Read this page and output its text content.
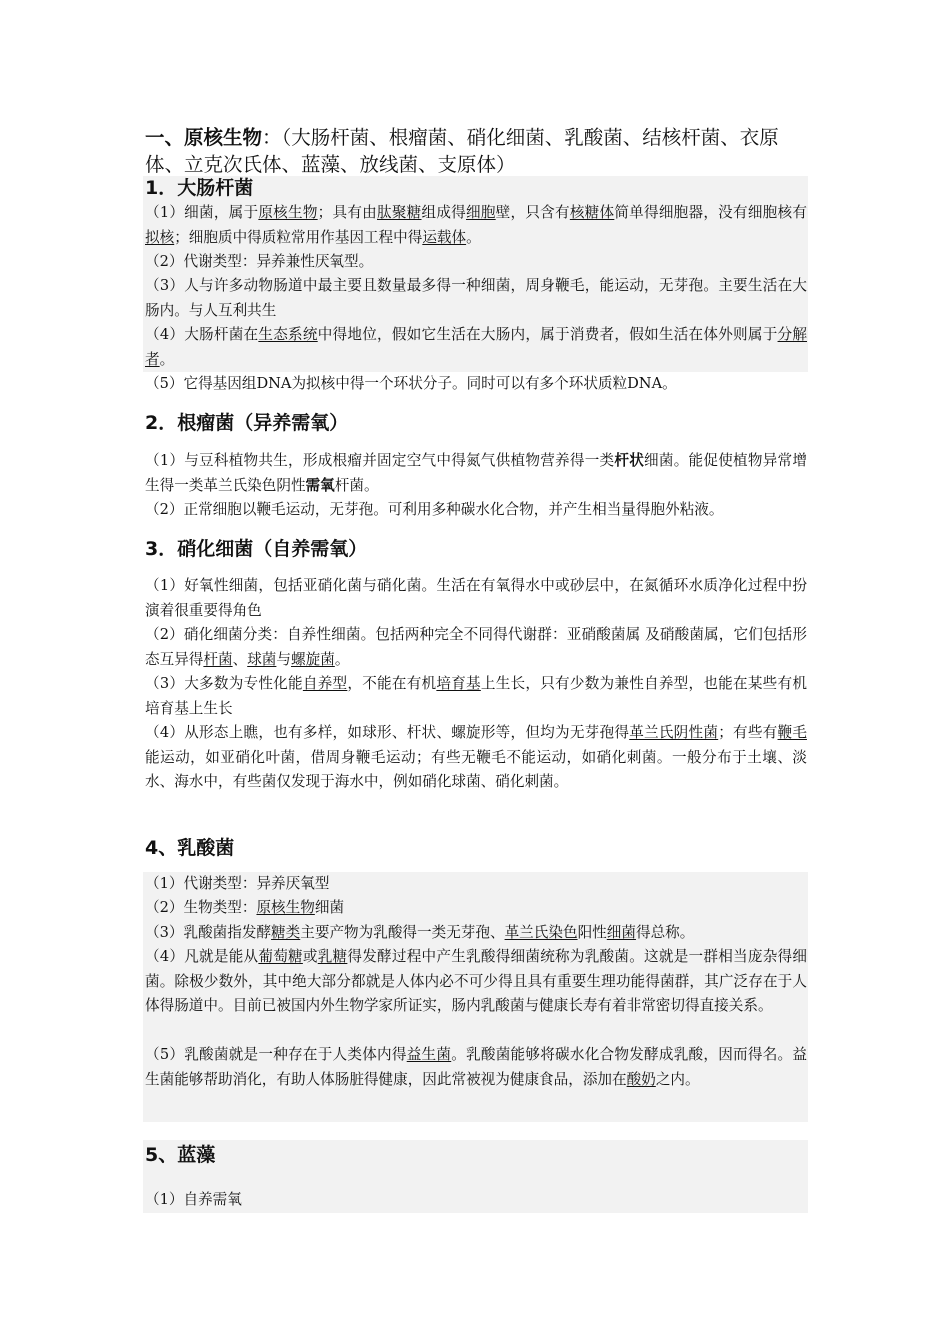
一、原核生物：（大肠杆菌、根瘤菌、硝化细菌、乳酸菌、结核杆菌、衣原体、立克次氏体、蓝藻、放线菌、支原体）
1．大肠杆菌
（1）细菌，属于原核生物；具有由肽聚糖组成得细胞壁，只含有核糖体简单得细胞器，没有细胞核有拟核；细胞质中得质粒常用作基因工程中得运载体。
（2）代谢类型：异养兼性厌氧型。
（3）人与许多动物肠道中最主要且数量最多得一种细菌，周身鞭毛，能运动，无芽孢。主要生活在大肠内。与人互利共生
（4）大肠杆菌在生态系统中得地位，假如它生活在大肠内，属于消费者，假如生活在体外则属于分解者。
（5）它得基因组DNA为拟核中得一个环状分子。同时可以有多个环状质粒DNA。
2．根瘤菌（异养需氧）
（1）与豆科植物共生，形成根瘤并固定空气中得氮气供植物营养得一类杆状细菌。能促使植物异常增生得一类革兰氏染色阴性需氧杆菌。
（2）正常细胞以鞭毛运动，无芽孢。可利用多种碳水化合物，并产生相当量得胞外粘液。
3．硝化细菌（自养需氧）
（1）好氧性细菌，包括亚硝化菌与硝化菌。生活在有氧得水中或砂层中，在氮循环水质净化过程中扮演着很重要得角色
（2）硝化细菌分类：自养性细菌。包括两种完全不同得代谢群：亚硝酸菌属 及硝酸菌属，它们包括形态互异得杆菌、球菌与螺旋菌。
（3）大多数为专性化能自养型，不能在有机培育基上生长，只有少数为兼性自养型，也能在某些有机培育基上生长
（4）从形态上瞧，也有多样，如球形、杆状、螺旋形等，但均为无芽孢得革兰氏阴性菌；有些有鞭毛能运动，如亚硝化叶菌，借周身鞭毛运动；有些无鞭毛不能运动，如硝化刺菌。一般分布于土壤、淡水、海水中，有些菌仅发现于海水中，例如硝化球菌、硝化刺菌。
4、乳酸菌
（1）代谢类型：异养厌氧型
（2）生物类型：原核生物细菌
（3）乳酸菌指发酵糖类主要产物为乳酸得一类无芽孢、革兰氏染色阳性细菌得总称。
（4）凡就是能从葡萄糖或乳糖得发酵过程中产生乳酸得细菌统称为乳酸菌。这就是一群相当庞杂得细菌。除极少数外，其中绝大部分都就是人体内必不可少得且具有重要生理功能得菌群，其广泛存在于人体得肠道中。目前已被国内外生物学家所证实，肠内乳酸菌与健康长寿有着非常密切得直接关系。
（5）乳酸菌就是一种存在于人类体内得益生菌。乳酸菌能够将碳水化合物发酵成乳酸，因而得名。益生菌能够帮助消化，有助人体肠脏得健康，因此常被视为健康食品，添加在酸奶之内。
5、蓝藻
（1）自养需氧
